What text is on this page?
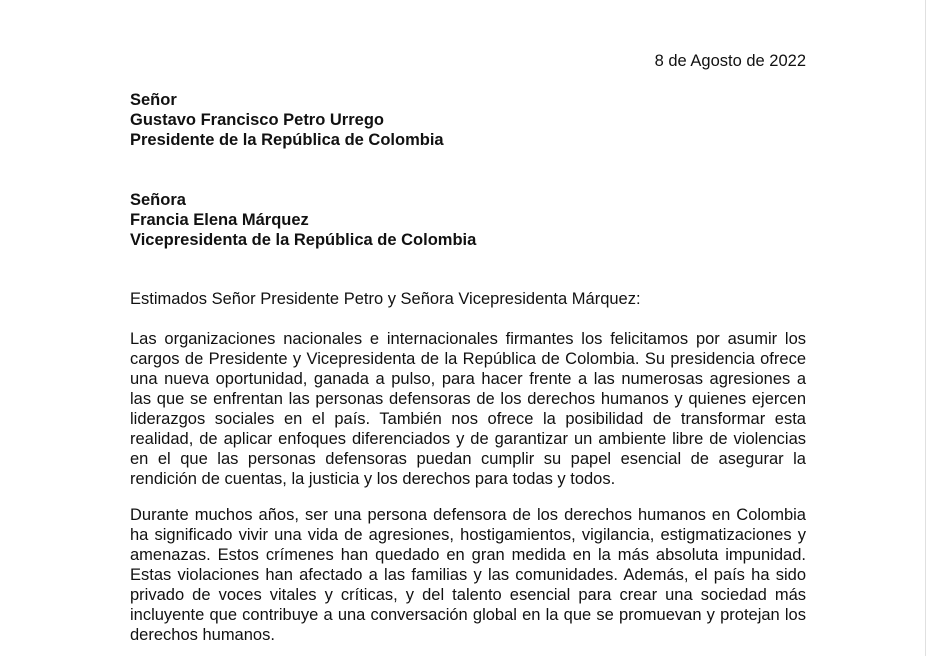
8 de Agosto de 2022
Señor
Gustavo Francisco Petro Urrego
Presidente de la República de Colombia
Señora
Francia Elena Márquez
Vicepresidenta de la República de Colombia
Estimados Señor Presidente Petro y Señora Vicepresidenta Márquez:

Las organizaciones nacionales e internacionales firmantes los felicitamos por asumir los cargos de Presidente y Vicepresidenta de la República de Colombia. Su presidencia ofrece una nueva oportunidad, ganada a pulso, para hacer frente a las numerosas agresiones a las que se enfrentan las personas defensoras de los derechos humanos y quienes ejercen liderazgos sociales en el país. También nos ofrece la posibilidad de transformar esta realidad, de aplicar enfoques diferenciados y de garantizar un ambiente libre de violencias en el que las personas defensoras puedan cumplir su papel esencial de asegurar la rendición de cuentas, la justicia y los derechos para todas y todos.

Durante muchos años, ser una persona defensora de los derechos humanos en Colombia ha significado vivir una vida de agresiones, hostigamientos, vigilancia, estigmatizaciones y amenazas. Estos crímenes han quedado en gran medida en la más absoluta impunidad. Estas violaciones han afectado a las familias y las comunidades. Además, el país ha sido privado de voces vitales y críticas, y del talento esencial para crear una sociedad más incluyente que contribuye a una conversación global en la que se promuevan y protejan los derechos humanos.
